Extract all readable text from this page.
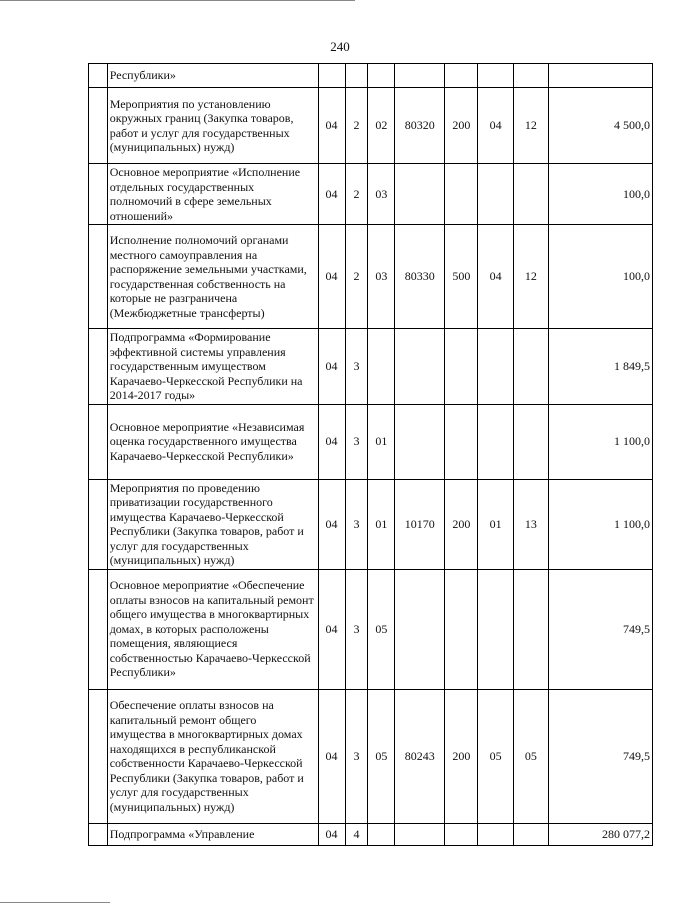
240
	Республики»								
	Мероприятия по установлению окружных границ (Закупка товаров, работ и услуг для государственных (муниципальных) нужд)	04	2	02	80320	200	04	12	4 500,0
	Основное мероприятие «Исполнение отдельных государственных полномочий в сфере земельных отношений»	04	2	03					100,0
	Исполнение полномочий органами местного самоуправления на распоряжение земельными участками, государственная собственность на которые не разграничена (Межбюджетные трансферты)	04	2	03	80330	500	04	12	100,0
	Подпрограмма «Формирование эффективной системы управления государственным имуществом Карачаево-Черкесской Республики на 2014-2017 годы»	04	3						1 849,5
	Основное мероприятие «Независимая оценка государственного имущества Карачаево-Черкесской Республики»	04	3	01					1 100,0
	Мероприятия по проведению приватизации государственного имущества Карачаево-Черкесской Республики (Закупка товаров, работ и услуг для государственных (муниципальных) нужд)	04	3	01	10170	200	01	13	1 100,0
	Основное мероприятие «Обеспечение оплаты взносов на капитальный ремонт общего имущества в многоквартирных домах, в которых расположены помещения, являющиеся собственностью Карачаево-Черкесской Республики»	04	3	05					749,5
	Обеспечение оплаты взносов на капитальный ремонт общего имущества в многоквартирных домах находящихся в республиканской собственности Карачаево-Черкесской Республики (Закупка товаров, работ и услуг для государственных (муниципальных) нужд)	04	3	05	80243	200	05	05	749,5
	Подпрограмма «Управление	04	4						280 077,2
